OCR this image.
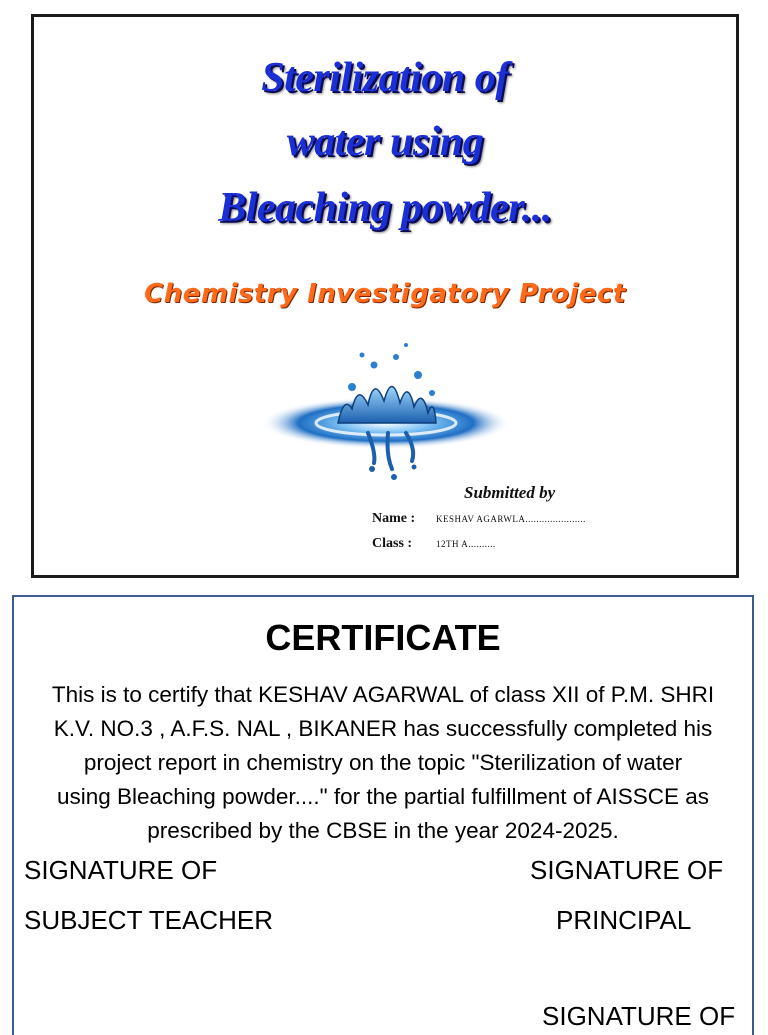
Sterilization of
water using
Bleaching powder...
Chemistry Investigatory Project
Submitted by
Name : KESHAV AGARWLA......................
Class :	12TH A..........
CERTIFICATE
This is to certify that KESHAV AGARWAL of class XII of P.M. SHRI
K.V. NO.3 , A.F.S. NAL , BIKANER has successfully completed his
project report in chemistry on the topic "Sterilization of water
using Bleaching powder...." for the partial fulfillment of AISSCE as
prescribed by the CBSE in the year 2024-2025.
SIGNATURE OF
SUBJECT TEACHER
SIGNATURE OF
PRINCIPAL
SIGNATURE OF
